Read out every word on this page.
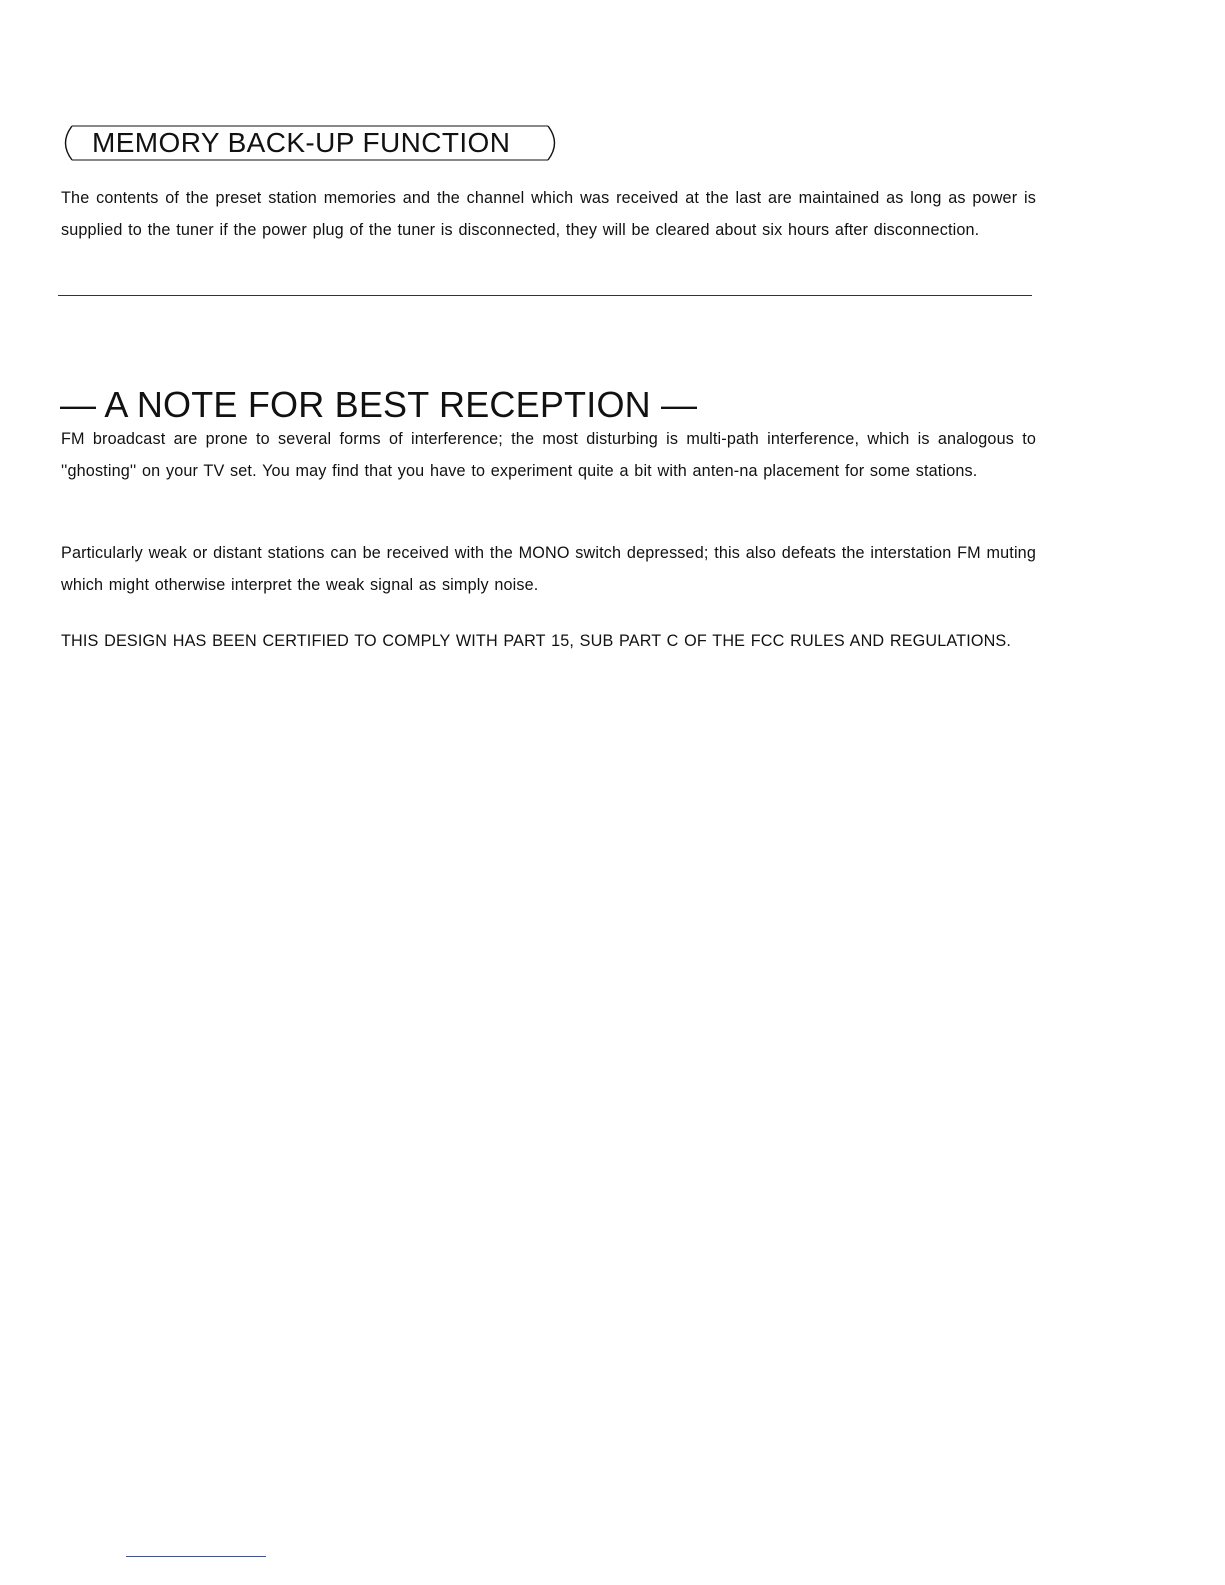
MEMORY BACK-UP FUNCTION

The contents of the preset station memories and the channel which was received at the last are maintained as long as power is supplied to the tuner if the power plug of the tuner is disconnected, they will be cleared about six hours after disconnection.

— A NOTE FOR BEST RECEPTION —

FM broadcast are prone to several forms of interference; the most disturbing is multi-path interference, which is analogous to ''ghosting'' on your TV set. You may find that you have to experiment quite a bit with anten-na placement for some stations.

Particularly weak or distant stations can be received with the MONO switch depressed; this also defeats the interstation FM muting which might otherwise interpret the weak signal as simply noise.

THIS DESIGN HAS BEEN CERTIFIED TO COMPLY WITH PART 15, SUB PART C OF THE FCC RULES AND REGULATIONS.
